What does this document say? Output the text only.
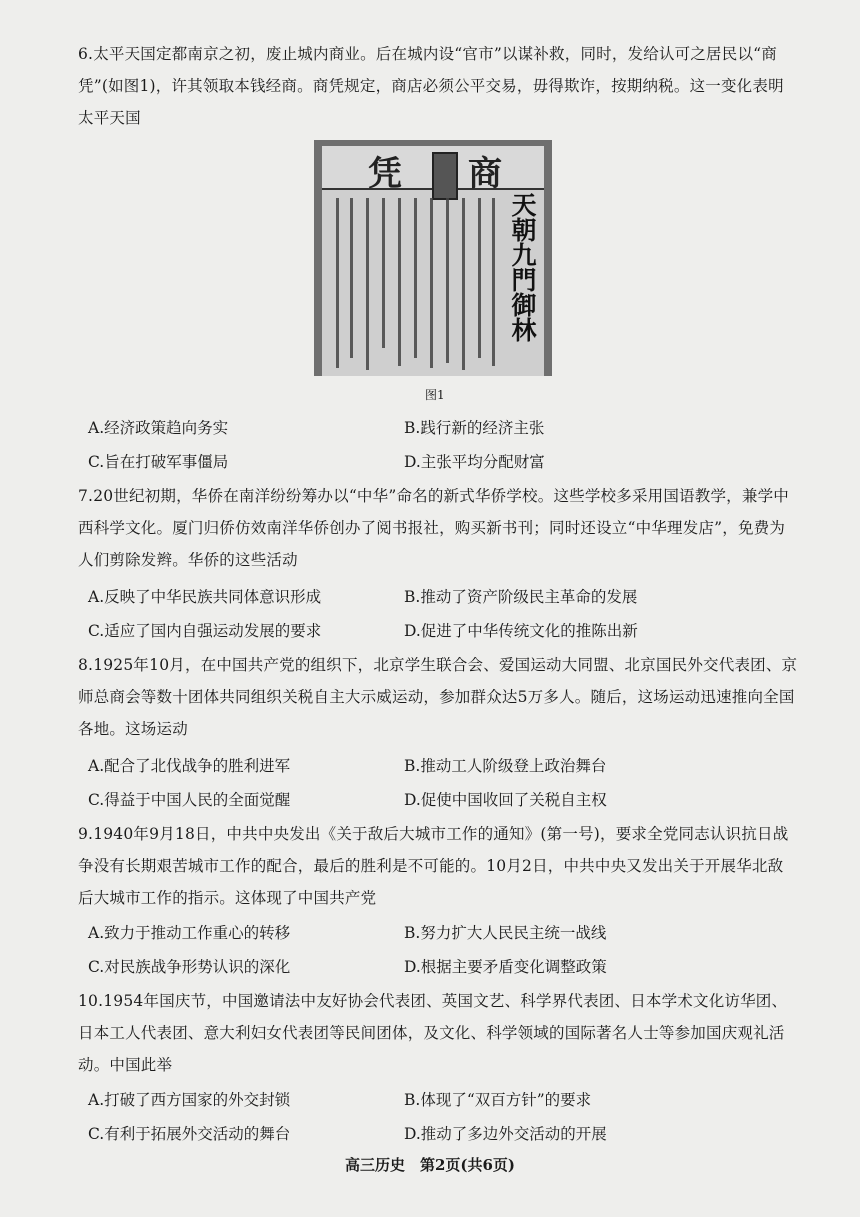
6.太平天国定都南京之初，废止城内商业。后在城内设“官市”以谋补救，同时，发给认可之居民以“商凭”(如图1)，许其领取本钱经商。商凭规定，商店必须公平交易，毋得欺诈，按期纳税。这一变化表明太平天国

凭 商
天朝九門御林
图1
A.经济政策趋向务实	B.践行新的经济主张
C.旨在打破军事僵局	D.主张平均分配财富

7.20世纪初期，华侨在南洋纷纷筹办以“中华”命名的新式华侨学校。这些学校多采用国语教学，兼学中西科学文化。厦门归侨仿效南洋华侨创办了阅书报社，购买新书刊；同时还设立“中华理发店”，免费为人们剪除发辫。华侨的这些活动

A.反映了中华民族共同体意识形成	B.推动了资产阶级民主革命的发展
C.适应了国内自强运动发展的要求	D.促进了中华传统文化的推陈出新

8.1925年10月，在中国共产党的组织下，北京学生联合会、爱国运动大同盟、北京国民外交代表团、京师总商会等数十团体共同组织关税自主大示威运动，参加群众达5万多人。随后，这场运动迅速推向全国各地。这场运动

A.配合了北伐战争的胜利进军	B.推动工人阶级登上政治舞台
C.得益于中国人民的全面觉醒	D.促使中国收回了关税自主权

9.1940年9月18日，中共中央发出《关于敌后大城市工作的通知》(第一号)，要求全党同志认识抗日战争没有长期艰苦城市工作的配合，最后的胜利是不可能的。10月2日，中共中央又发出关于开展华北敌后大城市工作的指示。这体现了中国共产党

A.致力于推动工作重心的转移	B.努力扩大人民民主统一战线
C.对民族战争形势认识的深化	D.根据主要矛盾变化调整政策

10.1954年国庆节，中国邀请法中友好协会代表团、英国文艺、科学界代表团、日本学术文化访华团、日本工人代表团、意大利妇女代表团等民间团体，及文化、科学领域的国际著名人士等参加国庆观礼活动。中国此举

A.打破了西方国家的外交封锁	B.体现了“双百方针”的要求
C.有利于拓展外交活动的舞台	D.推动了多边外交活动的开展
高三历史　第2页(共6页)
